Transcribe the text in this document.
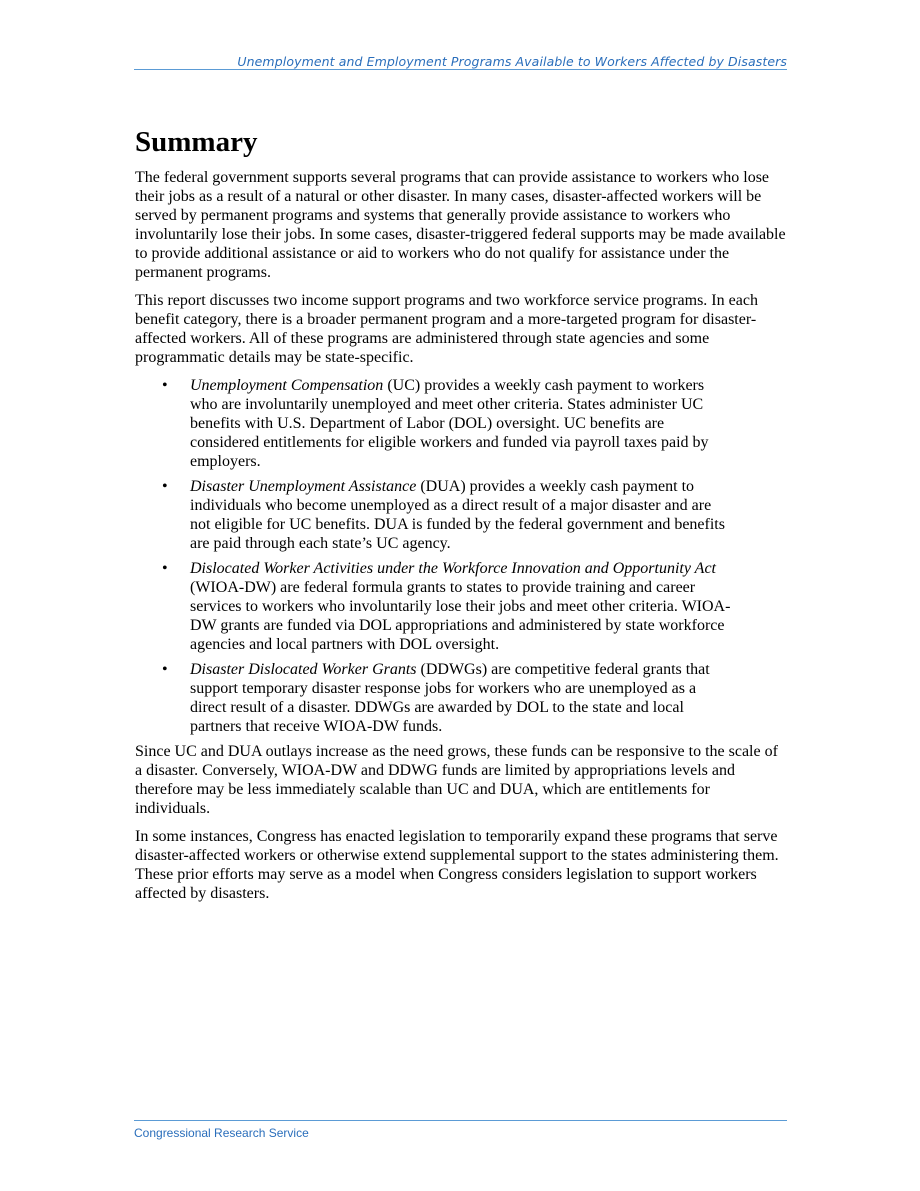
Unemployment and Employment Programs Available to Workers Affected by Disasters
Summary

The federal government supports several programs that can provide assistance to workers who lose their jobs as a result of a natural or other disaster. In many cases, disaster-affected workers will be served by permanent programs and systems that generally provide assistance to workers who involuntarily lose their jobs. In some cases, disaster-triggered federal supports may be made available to provide additional assistance or aid to workers who do not qualify for assistance under the permanent programs.

This report discusses two income support programs and two workforce service programs. In each benefit category, there is a broader permanent program and a more-targeted program for disaster-affected workers. All of these programs are administered through state agencies and some programmatic details may be state-specific.

• Unemployment Compensation (UC) provides a weekly cash payment to workers who are involuntarily unemployed and meet other criteria. States administer UC benefits with U.S. Department of Labor (DOL) oversight. UC benefits are considered entitlements for eligible workers and funded via payroll taxes paid by employers.
• Disaster Unemployment Assistance (DUA) provides a weekly cash payment to individuals who become unemployed as a direct result of a major disaster and are not eligible for UC benefits. DUA is funded by the federal government and benefits are paid through each state’s UC agency.
• Dislocated Worker Activities under the Workforce Innovation and Opportunity Act (WIOA-DW) are federal formula grants to states to provide training and career services to workers who involuntarily lose their jobs and meet other criteria. WIOA-DW grants are funded via DOL appropriations and administered by state workforce agencies and local partners with DOL oversight.
• Disaster Dislocated Worker Grants (DDWGs) are competitive federal grants that support temporary disaster response jobs for workers who are unemployed as a direct result of a disaster. DDWGs are awarded by DOL to the state and local partners that receive WIOA-DW funds.

Since UC and DUA outlays increase as the need grows, these funds can be responsive to the scale of a disaster. Conversely, WIOA-DW and DDWG funds are limited by appropriations levels and therefore may be less immediately scalable than UC and DUA, which are entitlements for individuals.

In some instances, Congress has enacted legislation to temporarily expand these programs that serve disaster-affected workers or otherwise extend supplemental support to the states administering them. These prior efforts may serve as a model when Congress considers legislation to support workers affected by disasters.

Congressional Research Service
